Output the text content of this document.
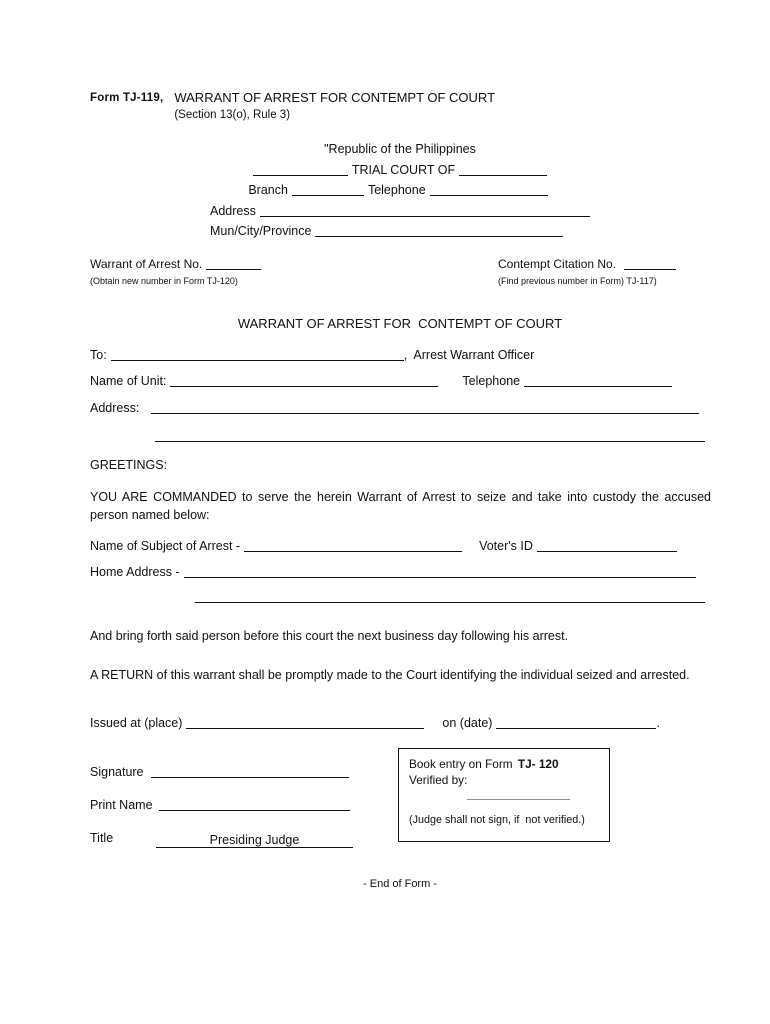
Form TJ-119, WARRANT OF ARREST FOR CONTEMPT OF COURT
(Section 13(o), Rule 3)
"Republic of the Philippines
TRIAL COURT OF
Branch	Telephone
Address
Mun/City/Province
Warrant of Arrest No.
(Obtain new number in Form TJ-120)
Contempt Citation No.
(Find previous number in Form) TJ-117)
WARRANT OF ARREST FOR  CONTEMPT OF COURT
To:	,  Arrest Warrant Officer
Name of Unit:	Telephone
Address:
GREETINGS:
YOU ARE COMMANDED to serve the herein Warrant of Arrest to seize and take into custody the accused person named below:
Name of Subject of Arrest -	Voter's ID
Home Address -
And bring forth said person before this court the next business day following his arrest.
A RETURN of this warrant shall be promptly made to the Court identifying the individual seized and arrested.
Issued at (place)	on (date)	.
Signature
Print Name
Title	Presiding Judge
Book entry on Form TJ- 120
Verified by:
(Judge shall not sign, if  not verified.)
- End of Form -
